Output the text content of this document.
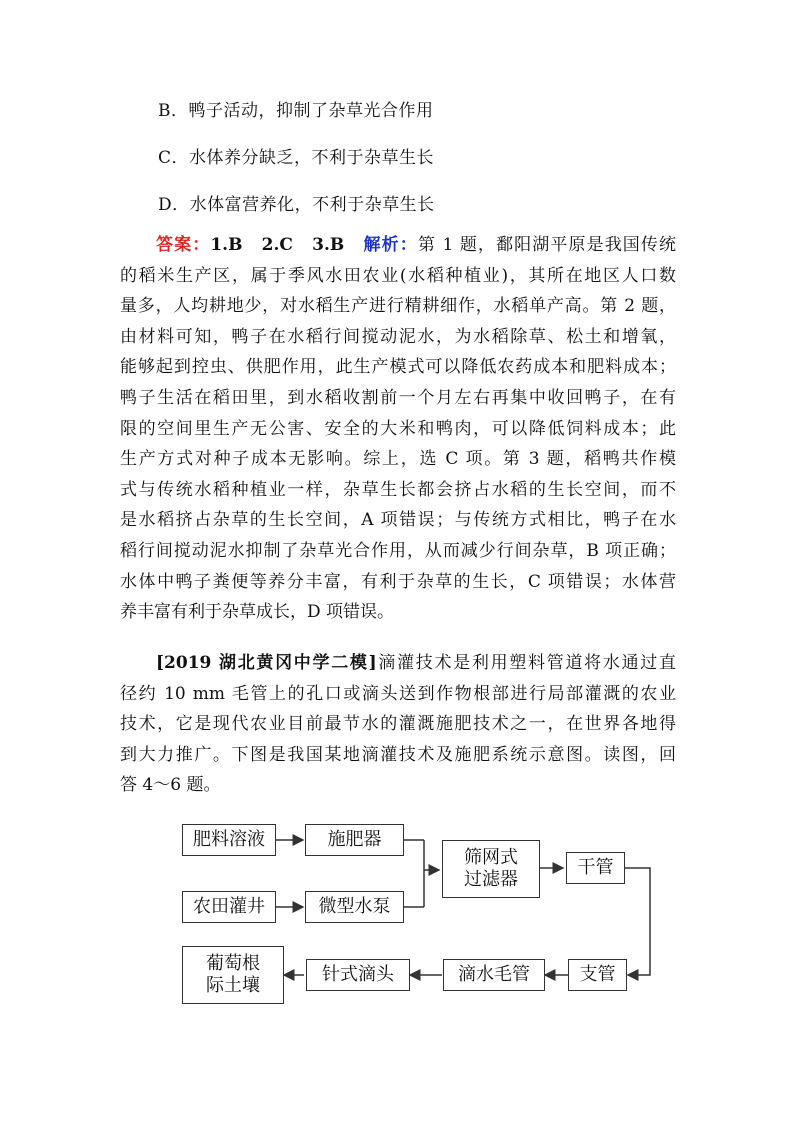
B．鸭子活动，抑制了杂草光合作用
C．水体养分缺乏，不利于杂草生长
D．水体富营养化，不利于杂草生长
答案：1.B　2.C　3.B　解析：第 1 题，鄱阳湖平原是我国传统
的稻米生产区，属于季风水田农业(水稻种植业)，其所在地区人口数
量多，人均耕地少，对水稻生产进行精耕细作，水稻单产高。第 2 题，
由材料可知，鸭子在水稻行间搅动泥水，为水稻除草、松土和增氧，
能够起到控虫、供肥作用，此生产模式可以降低农药成本和肥料成本；
鸭子生活在稻田里，到水稻收割前一个月左右再集中收回鸭子，在有
限的空间里生产无公害、安全的大米和鸭肉，可以降低饲料成本；此
生产方式对种子成本无影响。综上，选 C 项。第 3 题，稻鸭共作模
式与传统水稻种植业一样，杂草生长都会挤占水稻的生长空间，而不
是水稻挤占杂草的生长空间，A 项错误；与传统方式相比，鸭子在水
稻行间搅动泥水抑制了杂草光合作用，从而减少行间杂草，B 项正确；
水体中鸭子粪便等养分丰富，有利于杂草的生长，C 项错误；水体营
养丰富有利于杂草成长，D 项错误。
[2019 湖北黄冈中学二模]滴灌技术是利用塑料管道将水通过直
径约 10 mm 毛管上的孔口或滴头送到作物根部进行局部灌溉的农业
技术，它是现代农业目前最节水的灌溉施肥技术之一，在世界各地得
到大力推广。下图是我国某地滴灌技术及施肥系统示意图。读图，回
答 4～6 题。
肥料溶液	施肥器
农田灌井	微型水泵
筛网式
过滤器
干管
支管
滴水毛管
针式滴头
葡萄根
际土壤
